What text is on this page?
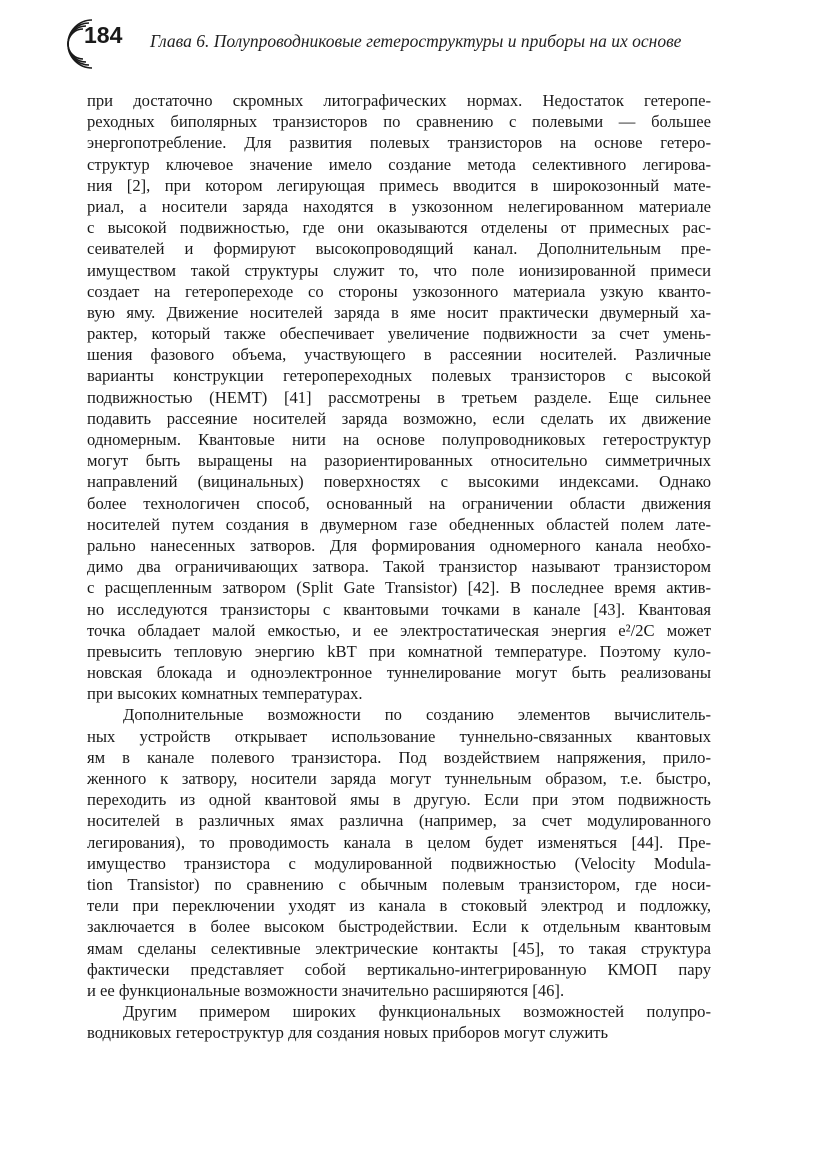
184 Глава 6. Полупроводниковые гетероструктуры и приборы на их основе
при достаточно скромных литографических нормах. Недостаток гетеропе-
реходных биполярных транзисторов по сравнению с полевыми — большее
энергопотребление. Для развития полевых транзисторов на основе гетеро-
структур ключевое значение имело создание метода селективного легирова-
ния [2], при котором легирующая примесь вводится в широкозонный мате-
риал, а носители заряда находятся в узкозонном нелегированном материале
с высокой подвижностью, где они оказываются отделены от примесных рас-
сеивателей и формируют высокопроводящий канал. Дополнительным пре-
имуществом такой структуры служит то, что поле ионизированной примеси
создает на гетеропереходе со стороны узкозонного материала узкую кванто-
вую яму. Движение носителей заряда в яме носит практически двумерный ха-
рактер, который также обеспечивает увеличение подвижности за счет умень-
шения фазового объема, участвующего в рассеянии носителей. Различные
варианты конструкции гетеропереходных полевых транзисторов с высокой
подвижностью (HEMT) [41] рассмотрены в третьем разделе. Еще сильнее
подавить рассеяние носителей заряда возможно, если сделать их движение
одномерным. Квантовые нити на основе полупроводниковых гетероструктур
могут быть выращены на разориентированных относительно симметричных
направлений (вицинальных) поверхностях с высокими индексами. Однако
более технологичен способ, основанный на ограничении области движения
носителей путем создания в двумерном газе обедненных областей полем лате-
рально нанесенных затворов. Для формирования одномерного канала необхо-
димо два ограничивающих затвора. Такой транзистор называют транзистором
с расщепленным затвором (Split Gate Transistor) [42]. В последнее время актив-
но исследуются транзисторы с квантовыми точками в канале [43]. Квантовая
точка обладает малой емкостью, и ее электростатическая энергия e²/2C может
превысить тепловую энергию kBT при комнатной температуре. Поэтому куло-
новская блокада и одноэлектронное туннелирование могут быть реализованы
при высоких комнатных температурах.
Дополнительные возможности по созданию элементов вычислитель-
ных устройств открывает использование туннельно-связанных квантовых
ям в канале полевого транзистора. Под воздействием напряжения, прило-
женного к затвору, носители заряда могут туннельным образом, т.е. быстро,
переходить из одной квантовой ямы в другую. Если при этом подвижность
носителей в различных ямах различна (например, за счет модулированного
легирования), то проводимость канала в целом будет изменяться [44]. Пре-
имущество транзистора с модулированной подвижностью (Velocity Modula-
tion Transistor) по сравнению с обычным полевым транзистором, где носи-
тели при переключении уходят из канала в стоковый электрод и подложку,
заключается в более высоком быстродействии. Если к отдельным квантовым
ямам сделаны селективные электрические контакты [45], то такая структура
фактически представляет собой вертикально-интегрированную КМОП пару
и ее функциональные возможности значительно расширяются [46].
Другим примером широких функциональных возможностей полупро-
водниковых гетероструктур для создания новых приборов могут служить
